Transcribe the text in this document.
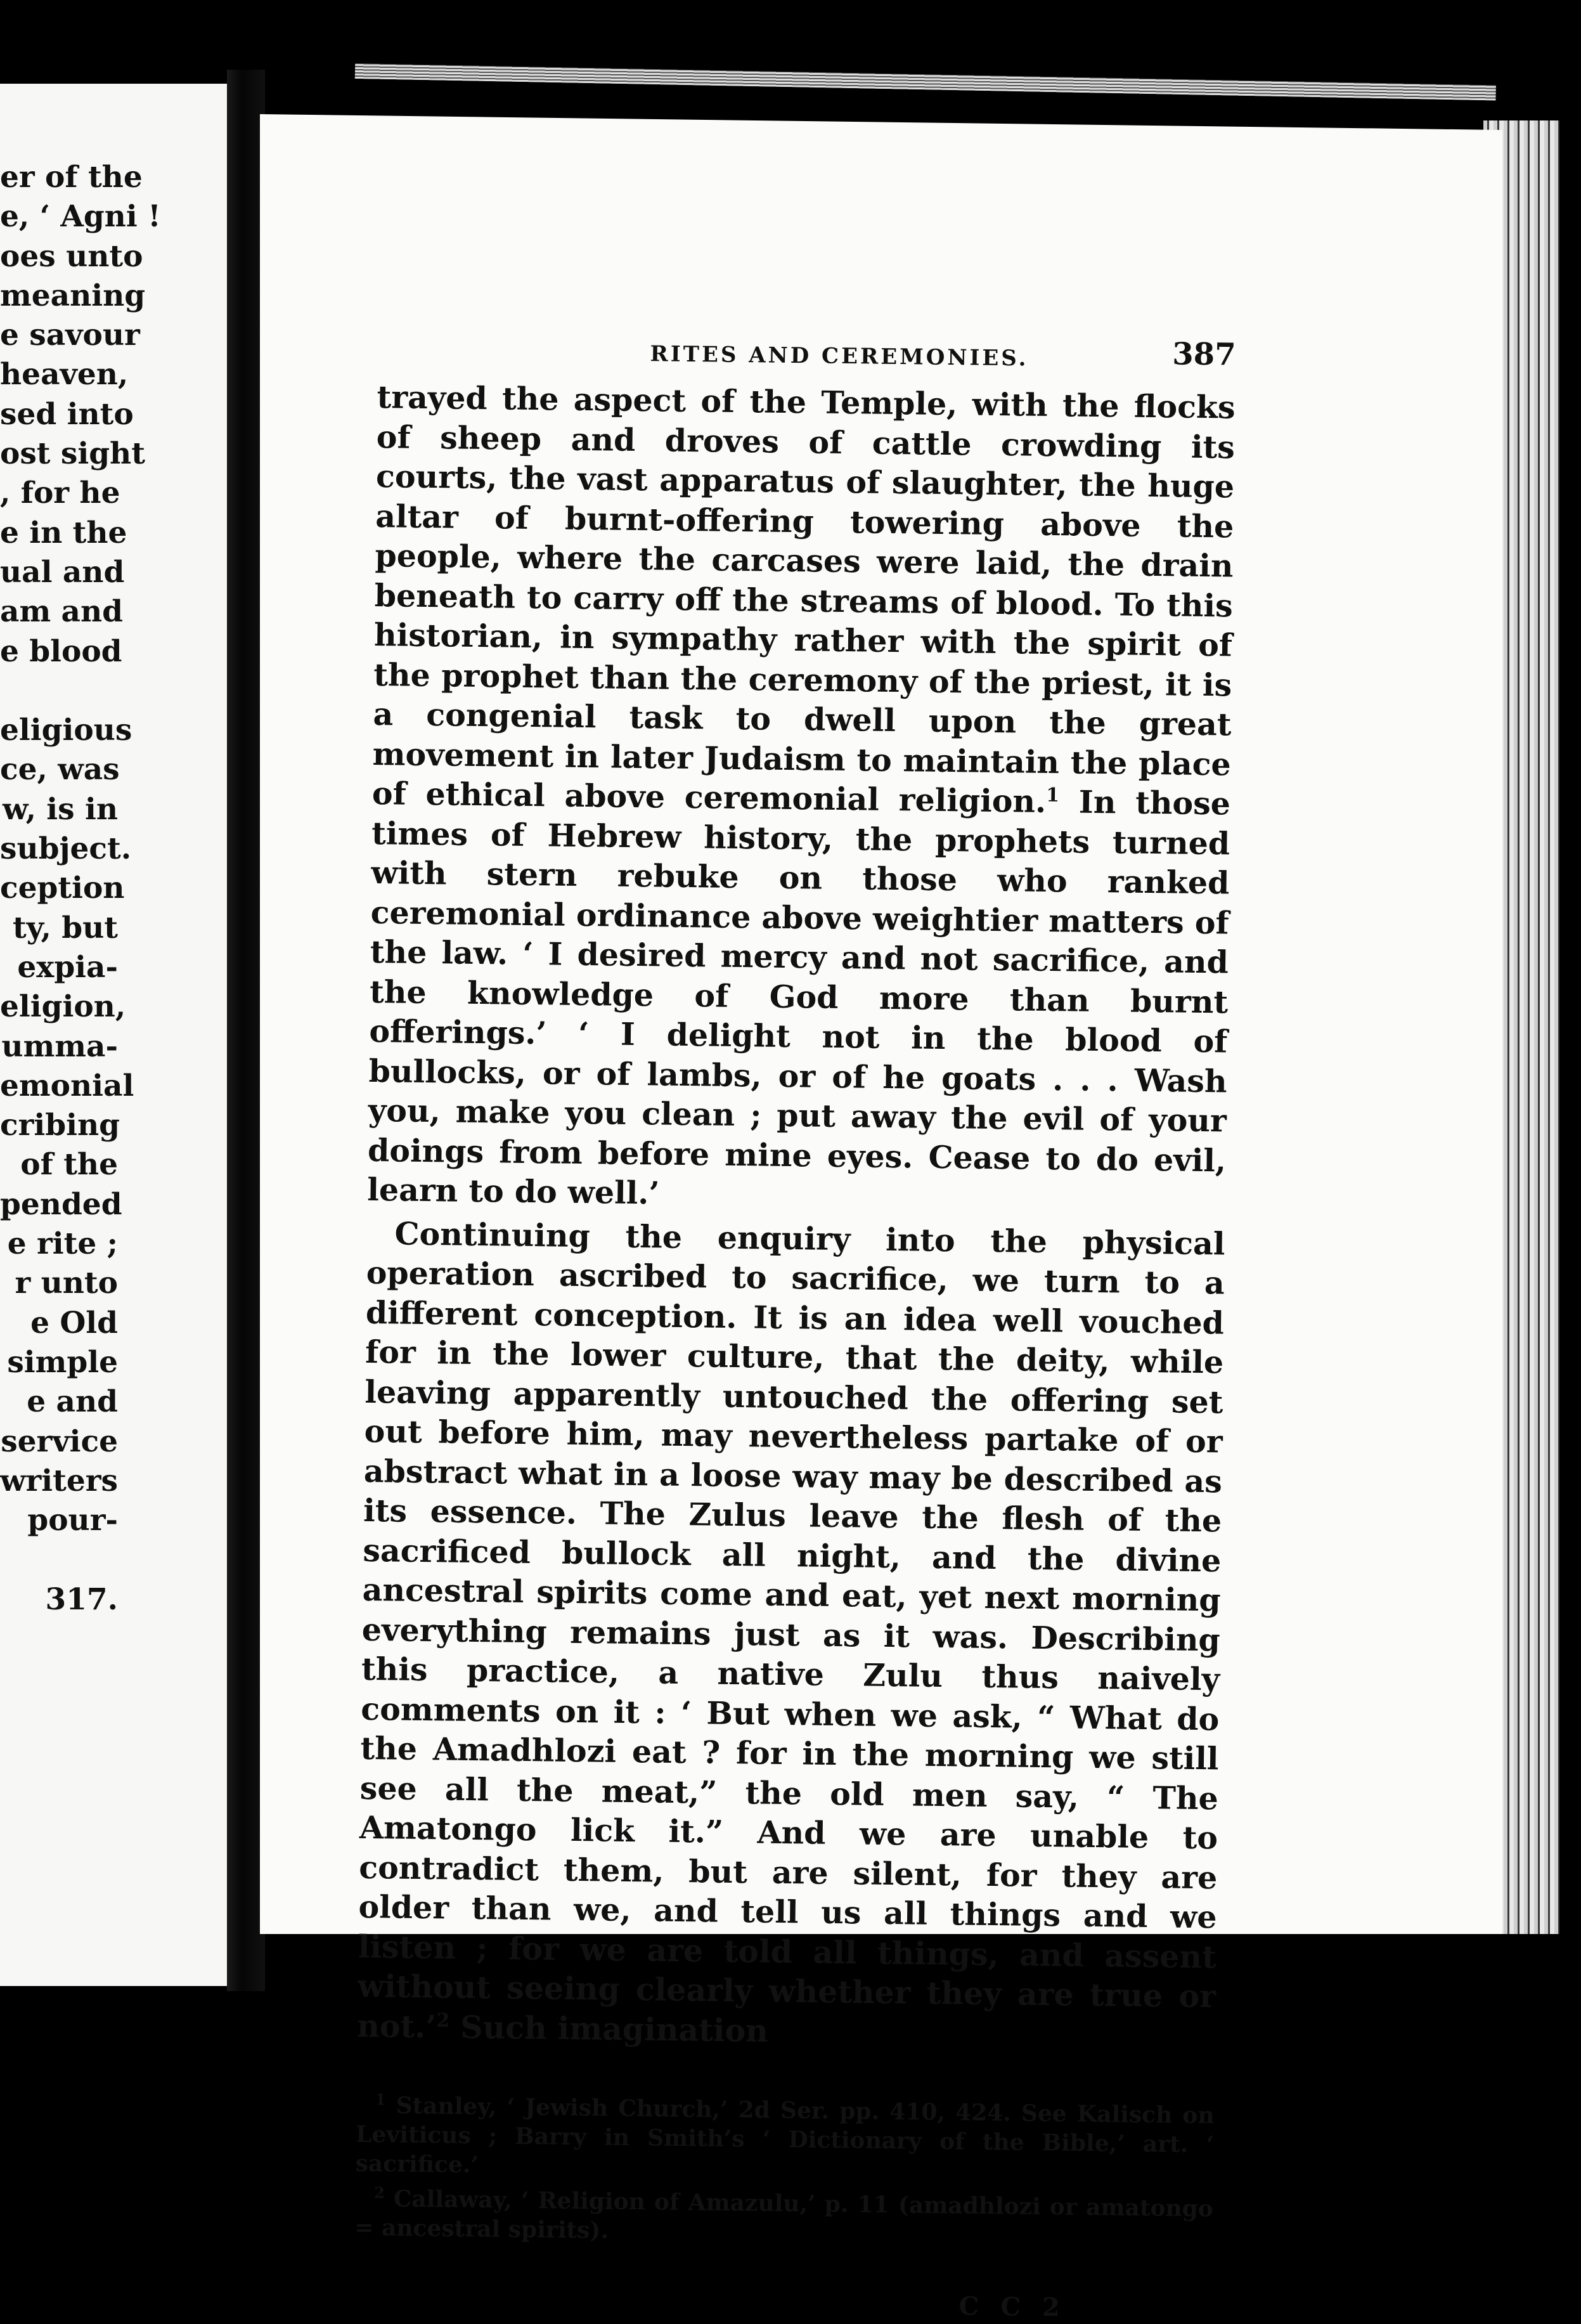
er of the
e, ‘ Agni !
oes unto
meaning
e savour
heaven,
sed into
ost sight
, for he
e in the
ual and
am and
e blood
eligious
ce, was
w, is in
subject.
ception
ty, but
expia-
eligion,
umma-
emonial
cribing
of the
pended
e rite ;
r unto
e Old
simple
e and
service
writers
pour-
317.
RITES AND CEREMONIES.	387

trayed the aspect of the Temple, with the flocks of sheep and droves of cattle crowding its courts, the vast apparatus of slaughter, the huge altar of burnt-offering towering above the people, where the carcases were laid, the drain beneath to carry off the streams of blood. To this historian, in sympathy rather with the spirit of the prophet than the ceremony of the priest, it is a congenial task to dwell upon the great movement in later Judaism to maintain the place of ethical above ceremonial religion.$^1$ In those times of Hebrew history, the prophets turned with stern rebuke on those who ranked ceremonial ordinance above weightier matters of the law. ‘ I desired mercy and not sacrifice, and the knowledge of God more than burnt offerings.’ ‘ I delight not in the blood of bullocks, or of lambs, or of he goats . . . Wash you, make you clean ; put away the evil of your doings from before mine eyes. Cease to do evil, learn to do well.’

Continuing the enquiry into the physical operation ascribed to sacrifice, we turn to a different conception. It is an idea well vouched for in the lower culture, that the deity, while leaving apparently untouched the offering set out before him, may nevertheless partake of or abstract what in a loose way may be described as its essence. The Zulus leave the flesh of the sacrificed bullock all night, and the divine ancestral spirits come and eat, yet next morning everything remains just as it was. Describing this practice, a native Zulu thus naively comments on it : ‘ But when we ask, “ What do the Amadhlozi eat ? for in the morning we still see all the meat,” the old men say, “ The Amatongo lick it.” And we are unable to contradict them, but are silent, for they are older than we, and tell us all things and we listen ; for we are told all things, and assent without seeing clearly whether they are true or not.’$^2$ Such imagination

$^1$ Stanley, ‘ Jewish Church,’ 2d Ser. pp. 410, 424. See Kalisch on Leviticus ; Barry in Smith’s ‘ Dictionary of the Bible,’ art. ‘ sacrifice.’

$^2$ Callaway, ‘ Religion of Amazulu,’ p. 11 (amadhlozi or amatongo = ancestral spirits).

C C 2
